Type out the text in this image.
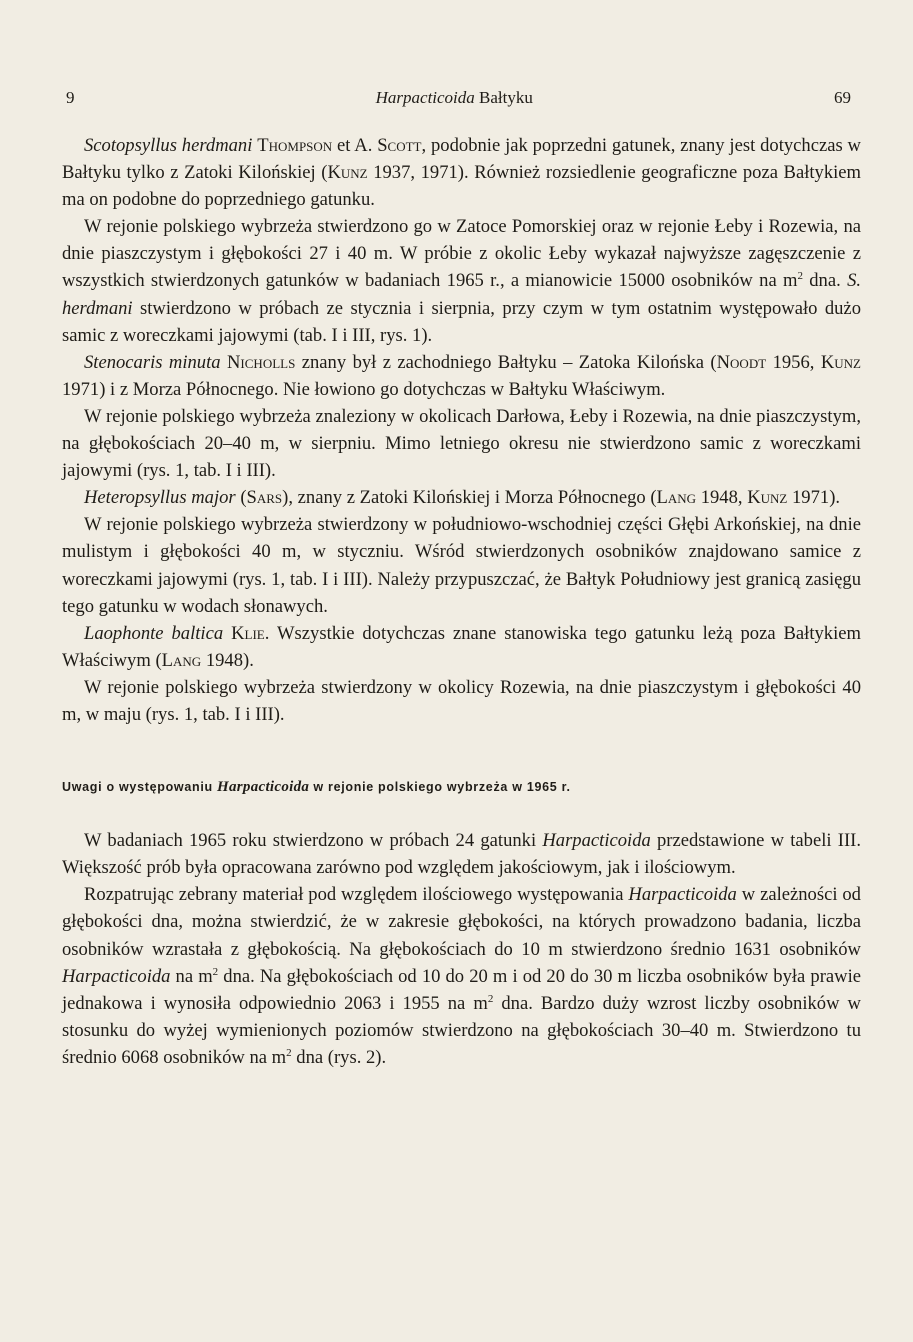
9	Harpacticoida Bałtyku	69

Scotopsyllus herdmani Thompson et A. Scott, podobnie jak poprzedni gatunek, znany jest dotychczas w Bałtyku tylko z Zatoki Kilońskiej (Kunz 1937, 1971). Również rozsiedlenie geograficzne poza Bałtykiem ma on podobne do poprzedniego gatunku.

W rejonie polskiego wybrzeża stwierdzono go w Zatoce Pomorskiej oraz w rejonie Łeby i Rozewia, na dnie piaszczystym i głębokości 27 i 40 m. W próbie z okolic Łeby wykazał najwyższe zagęszczenie z wszystkich stwierdzonych gatunków w badaniach 1965 r., a mianowicie 15000 osobników na $m^2$ dna. S. herdmani stwierdzono w próbach ze stycznia i sierpnia, przy czym w tym ostatnim występowało dużo samic z woreczkami jajowymi (tab. I i III, rys. 1).

Stenocaris minuta Nicholls znany był z zachodniego Bałtyku – Zatoka Kilońska (Noodt 1956, Kunz 1971) i z Morza Północnego. Nie łowiono go dotychczas w Bałtyku Właściwym.

W rejonie polskiego wybrzeża znaleziony w okolicach Darłowa, Łeby i Rozewia, na dnie piaszczystym, na głębokościach 20–40 m, w sierpniu. Mimo letniego okresu nie stwierdzono samic z woreczkami jajowymi (rys. 1, tab. I i III).

Heteropsyllus major (Sars), znany z Zatoki Kilońskiej i Morza Północnego (Lang 1948, Kunz 1971).

W rejonie polskiego wybrzeża stwierdzony w południowo-wschodniej części Głębi Arkońskiej, na dnie mulistym i głębokości 40 m, w styczniu. Wśród stwierdzonych osobników znajdowano samice z woreczkami jajowymi (rys. 1, tab. I i III). Należy przypuszczać, że Bałtyk Południowy jest granicą zasięgu tego gatunku w wodach słonawych.

Laophonte baltica Klie. Wszystkie dotychczas znane stanowiska tego gatunku leżą poza Bałtykiem Właściwym (Lang 1948).

W rejonie polskiego wybrzeża stwierdzony w okolicy Rozewia, na dnie piaszczystym i głębokości 40 m, w maju (rys. 1, tab. I i III).

Uwagi o występowaniu Harpacticoida w rejonie polskiego wybrzeża w 1965 r.

W badaniach 1965 roku stwierdzono w próbach 24 gatunki Harpacticoida przedstawione w tabeli III. Większość prób była opracowana zarówno pod względem jakościowym, jak i ilościowym.

Rozpatrując zebrany materiał pod względem ilościowego występowania Harpacticoida w zależności od głębokości dna, można stwierdzić, że w zakresie głębokości, na których prowadzono badania, liczba osobników wzrastała z głębokością. Na głębokościach do 10 m stwierdzono średnio 1631 osobników Harpacticoida na $m^2$ dna. Na głębokościach od 10 do 20 m i od 20 do 30 m liczba osobników była prawie jednakowa i wynosiła odpowiednio 2063 i 1955 na $m^2$ dna. Bardzo duży wzrost liczby osobników w stosunku do wyżej wymienionych poziomów stwierdzono na głębokościach 30–40 m. Stwierdzono tu średnio 6068 osobników na $m^2$ dna (rys. 2).
